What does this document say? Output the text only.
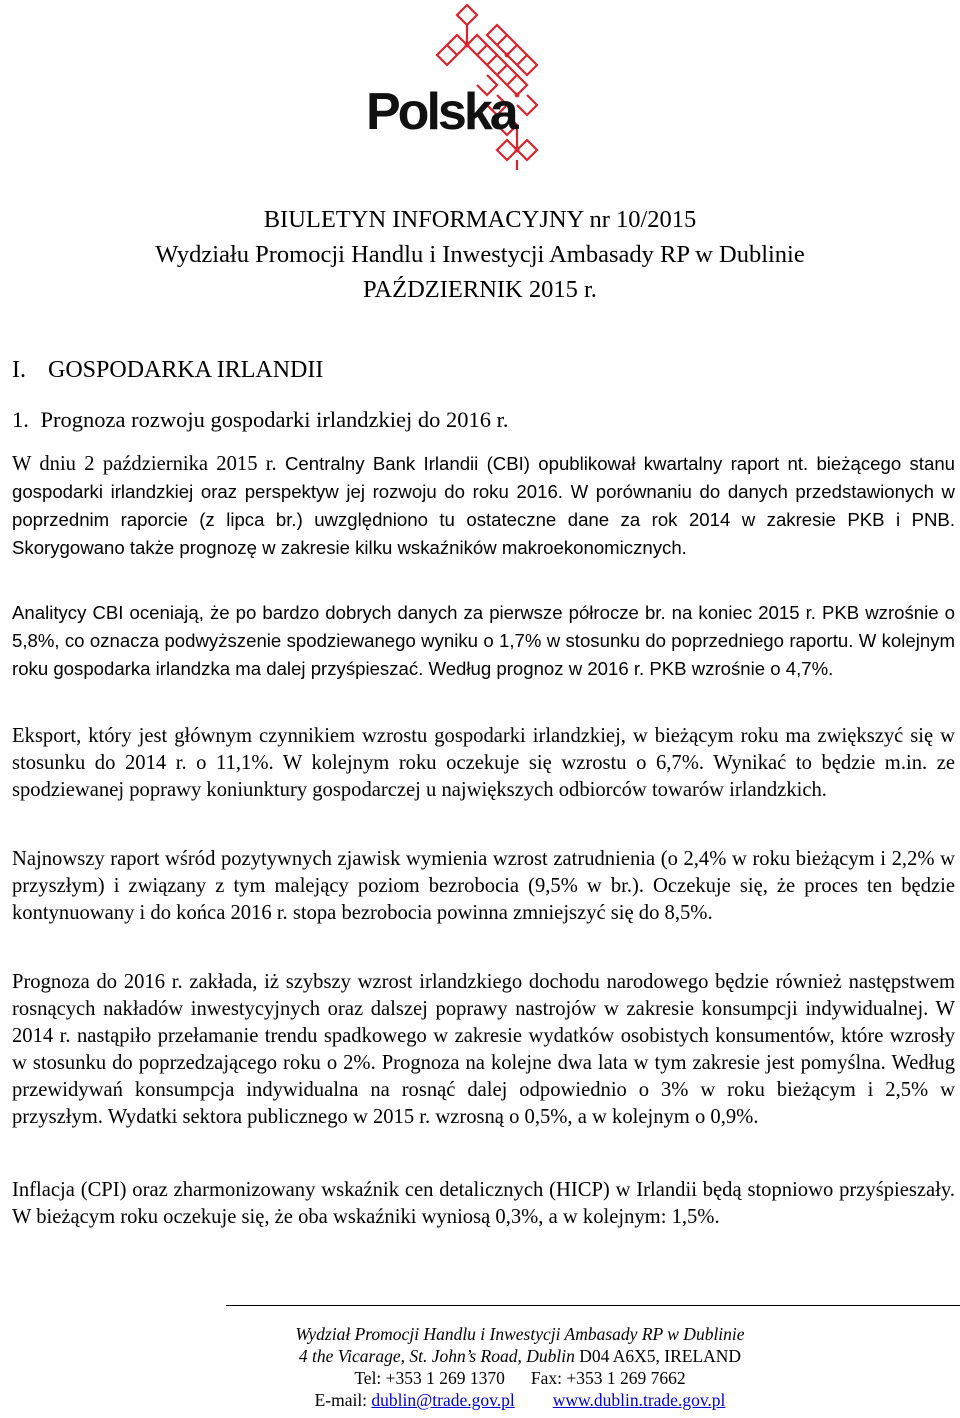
Polska
BIULETYN INFORMACYJNY nr 10/2015
Wydziału Promocji Handlu i Inwestycji Ambasady RP w Dublinie
PAŹDZIERNIK 2015 r.
I. GOSPODARKA IRLANDII
1. Prognoza rozwoju gospodarki irlandzkiej do 2016 r.
W dniu 2 października 2015 r. Centralny Bank Irlandii (CBI) opublikował kwartalny raport nt. bieżącego stanu gospodarki irlandzkiej oraz perspektyw jej rozwoju do roku 2016. W porównaniu do danych przedstawionych w poprzednim raporcie (z lipca br.) uwzględniono tu ostateczne dane za rok 2014 w zakresie PKB i PNB. Skorygowano także prognozę w zakresie kilku wskaźników makroekonomicznych.
Analitycy CBI oceniają, że po bardzo dobrych danych za pierwsze półrocze br. na koniec 2015 r. PKB wzrośnie o 5,8%, co oznacza podwyższenie spodziewanego wyniku o 1,7% w stosunku do poprzedniego raportu. W kolejnym roku gospodarka irlandzka ma dalej przyśpieszać. Według prognoz w 2016 r. PKB wzrośnie o 4,7%.
Eksport, który jest głównym czynnikiem wzrostu gospodarki irlandzkiej, w bieżącym roku ma zwiększyć się w stosunku do 2014 r. o 11,1%. W kolejnym roku oczekuje się wzrostu o 6,7%. Wynikać to będzie m.in. ze spodziewanej poprawy koniunktury gospodarczej u największych odbiorców towarów irlandzkich.
Najnowszy raport wśród pozytywnych zjawisk wymienia wzrost zatrudnienia (o 2,4% w roku bieżącym i 2,2% w przyszłym) i związany z tym malejący poziom bezrobocia (9,5% w br.). Oczekuje się, że proces ten będzie kontynuowany i do końca 2016 r. stopa bezrobocia powinna zmniejszyć się do 8,5%.
Prognoza do 2016 r. zakłada, iż szybszy wzrost irlandzkiego dochodu narodowego będzie również następstwem rosnących nakładów inwestycyjnych oraz dalszej poprawy nastrojów w zakresie konsumpcji indywidualnej. W 2014 r. nastąpiło przełamanie trendu spadkowego w zakresie wydatków osobistych konsumentów, które wzrosły w stosunku do poprzedzającego roku o 2%. Prognoza na kolejne dwa lata w tym zakresie jest pomyślna. Według przewidywań konsumpcja indywidualna na rosnąć dalej odpowiednio o 3% w roku bieżącym i 2,5% w przyszłym. Wydatki sektora publicznego w 2015 r. wzrosną o 0,5%, a w kolejnym o 0,9%.
Inflacja (CPI) oraz zharmonizowany wskaźnik cen detalicznych (HICP) w Irlandii będą stopniowo przyśpieszały. W bieżącym roku oczekuje się, że oba wskaźniki wyniosą 0,3%, a w kolejnym: 1,5%.
Wydział Promocji Handlu i Inwestycji Ambasady RP w Dublinie
4 the Vicarage, St. John’s Road, Dublin D04 A6X5, IRELAND
Tel: +353 1 269 1370 Fax: +353 1 269 7662
E-mail: dublin@trade.gov.pl www.dublin.trade.gov.pl
